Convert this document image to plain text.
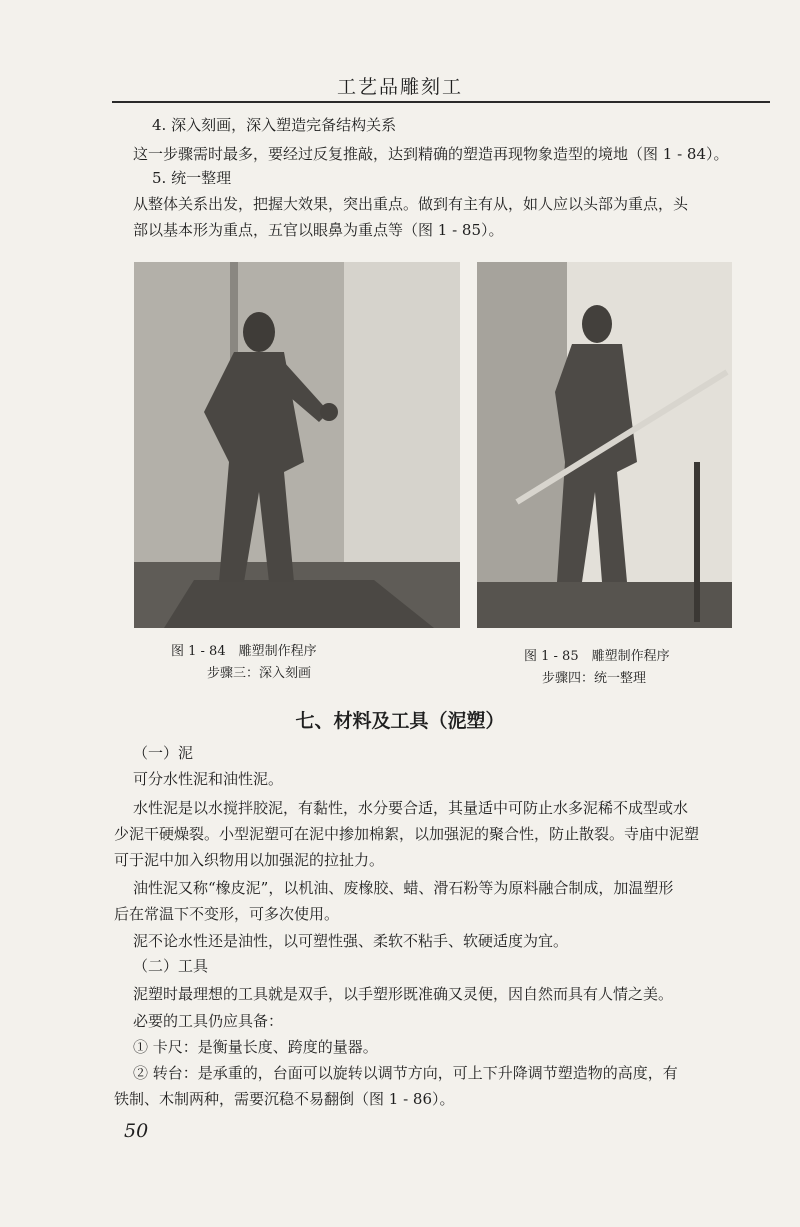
工艺品雕刻工
4. 深入刻画，深入塑造完备结构关系
这一步骤需时最多，要经过反复推敲，达到精确的塑造再现物象造型的境地（图 1 - 84）。
5. 统一整理
从整体关系出发，把握大效果，突出重点。做到有主有从，如人应以头部为重点，头
部以基本形为重点，五官以眼鼻为重点等（图 1 - 85）。
图 1 - 84　雕塑制作程序
步骤三：深入刻画
图 1 - 85　雕塑制作程序
步骤四：统一整理
七、材料及工具（泥塑）
（一）泥
可分水性泥和油性泥。
水性泥是以水搅拌胶泥，有黏性，水分要合适，其量适中可防止水多泥稀不成型或水
少泥干硬燥裂。小型泥塑可在泥中掺加棉絮，以加强泥的聚合性，防止散裂。寺庙中泥塑
可于泥中加入织物用以加强泥的拉扯力。
油性泥又称“橡皮泥”，以机油、废橡胶、蜡、滑石粉等为原料融合制成，加温塑形
后在常温下不变形，可多次使用。
泥不论水性还是油性，以可塑性强、柔软不粘手、软硬适度为宜。
（二）工具
泥塑时最理想的工具就是双手，以手塑形既准确又灵便，因自然而具有人情之美。
必要的工具仍应具备：
① 卡尺：是衡量长度、跨度的量器。
② 转台：是承重的，台面可以旋转以调节方向，可上下升降调节塑造物的高度，有
铁制、木制两种，需要沉稳不易翻倒（图 1 - 86）。
50
